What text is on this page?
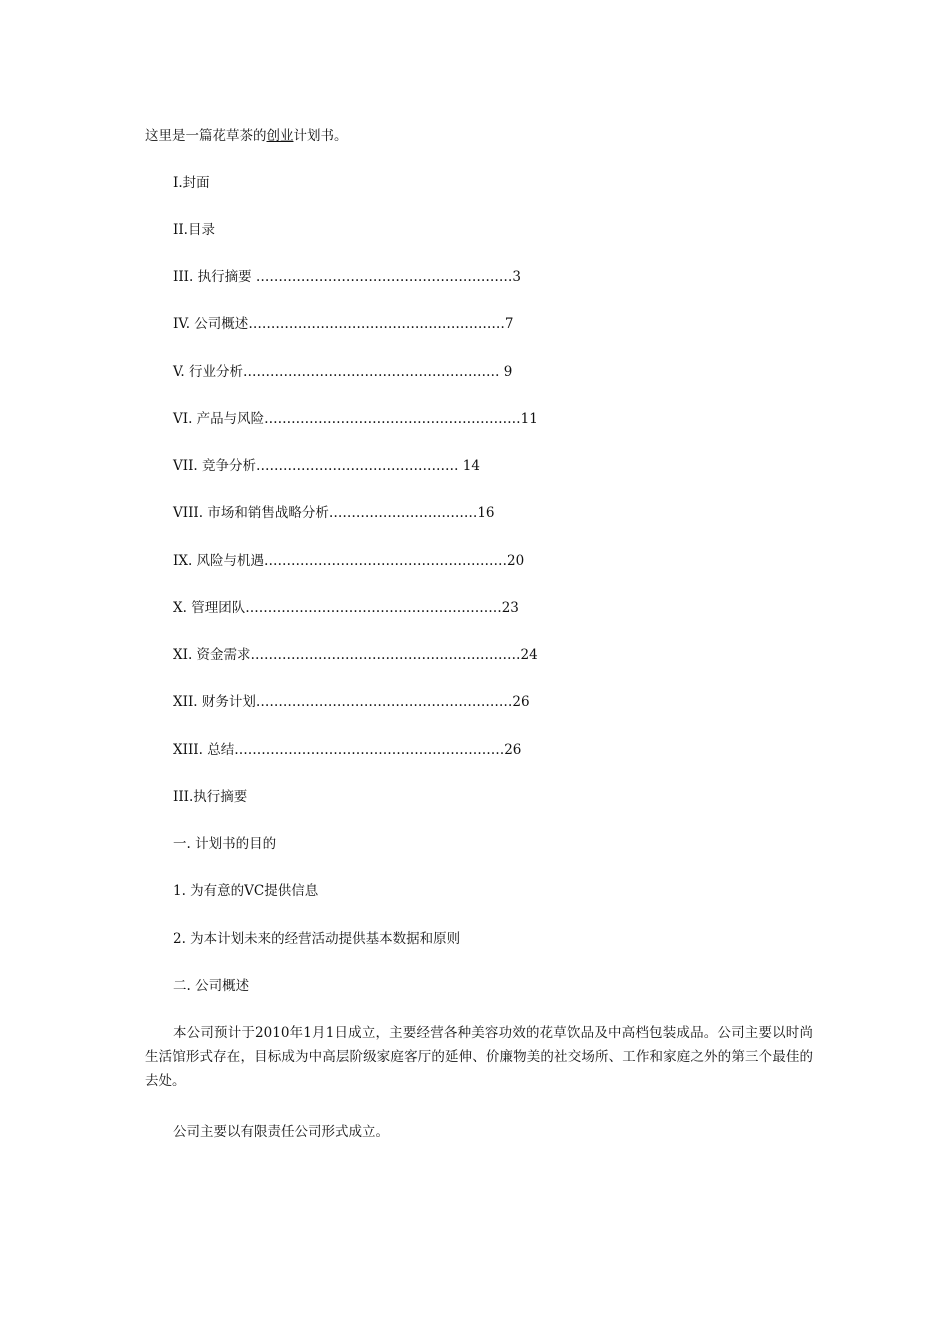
这里是一篇花草茶的创业计划书。
I.封面
II.目录
III. 执行摘要 …………………………………………………3
IV. 公司概述…………………………………………………7
V. 行业分析………………………………………………… 9
VI. 产品与风险…………………………………………………11
VII. 竞争分析……………………………………… 14
VIII. 市场和销售战略分析……………………………16
IX. 风险与机遇………………………………………………20
X. 管理团队…………………………………………………23
XI. 资金需求……………………………………………………24
XII. 财务计划…………………………………………………26
XIII. 总结……………………………………………………26
III.执行摘要
一. 计划书的目的
1. 为有意的VC提供信息
2. 为本计划未来的经营活动提供基本数据和原则
二. 公司概述
本公司预计于2010年1月1日成立，主要经营各种美容功效的花草饮品及中高档包装成品。公司主要以时尚生活馆形式存在，目标成为中高层阶级家庭客厅的延伸、价廉物美的社交场所、工作和家庭之外的第三个最佳的去处。
公司主要以有限责任公司形式成立。
